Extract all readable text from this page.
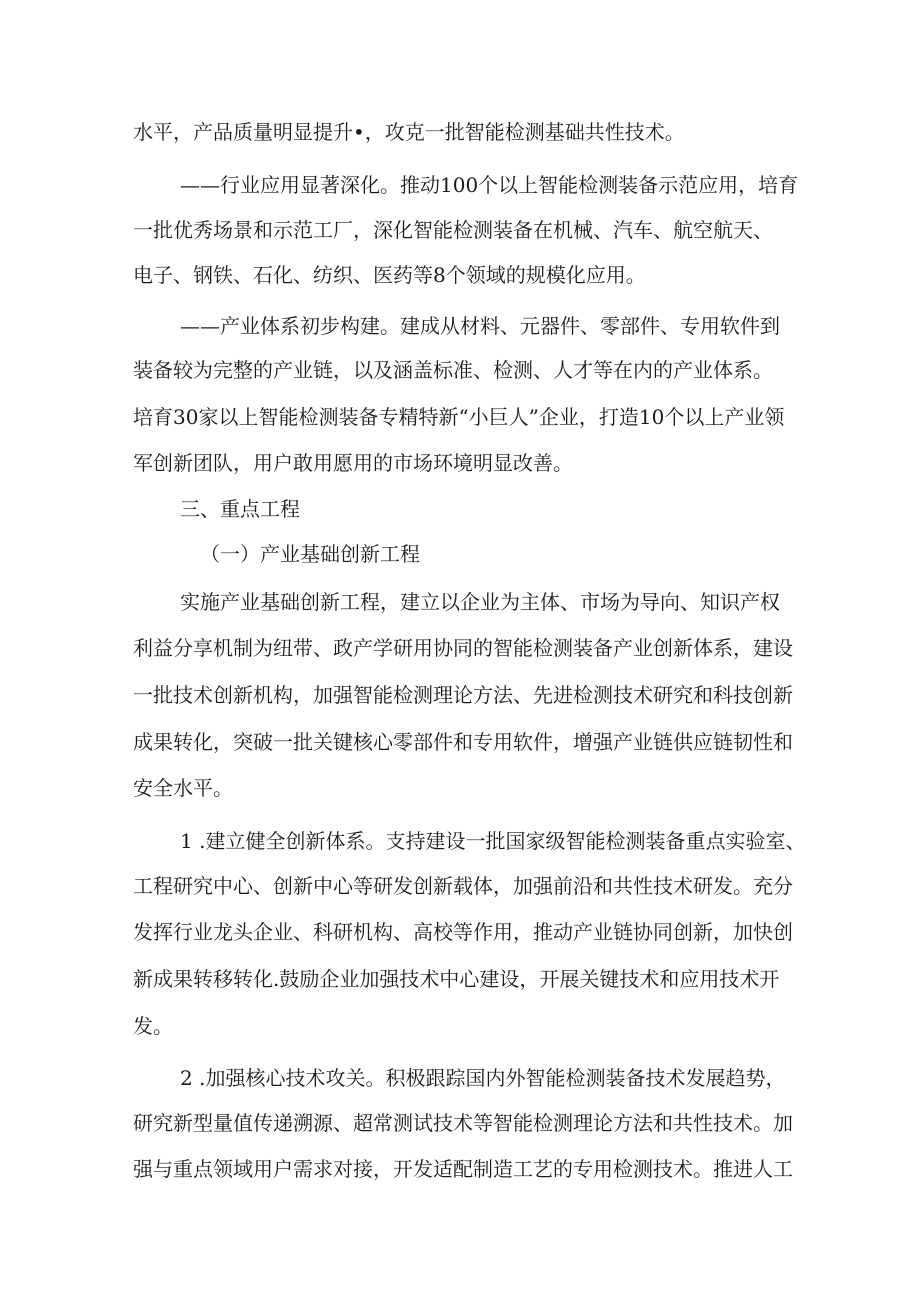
水平，产品质量明显提升•，攻克一批智能检测基础共性技术。
——行业应用显著深化。推动100个以上智能检测装备示范应用，培育
一批优秀场景和示范工厂，深化智能检测装备在机械、汽车、航空航天、
电子、钢铁、石化、纺织、医药等8个领域的规模化应用。
——产业体系初步构建。建成从材料、元器件、零部件、专用软件到
装备较为完整的产业链，以及涵盖标准、检测、人才等在内的产业体系。
培育30家以上智能检测装备专精特新“小巨人”企业，打造10个以上产业领
军创新团队，用户敢用愿用的市场环境明显改善。
三、重点工程
（一）产业基础创新工程
实施产业基础创新工程，建立以企业为主体、市场为导向、知识产权
利益分享机制为纽带、政产学研用协同的智能检测装备产业创新体系，建设
一批技术创新机构，加强智能检测理论方法、先进检测技术研究和科技创新
成果转化，突破一批关键核心零部件和专用软件，增强产业链供应链韧性和
安全水平。
1 .建立健全创新体系。支持建设一批国家级智能检测装备重点实验室、
工程研究中心、创新中心等研发创新载体，加强前沿和共性技术研发。充分
发挥行业龙头企业、科研机构、高校等作用，推动产业链协同创新，加快创
新成果转移转化.鼓励企业加强技术中心建设，开展关键技术和应用技术开
发。
2 .加强核心技术攻关。积极跟踪国内外智能检测装备技术发展趋势，
研究新型量值传递溯源、超常测试技术等智能检测理论方法和共性技术。加
强与重点领域用户需求对接，开发适配制造工艺的专用检测技术。推进人工
